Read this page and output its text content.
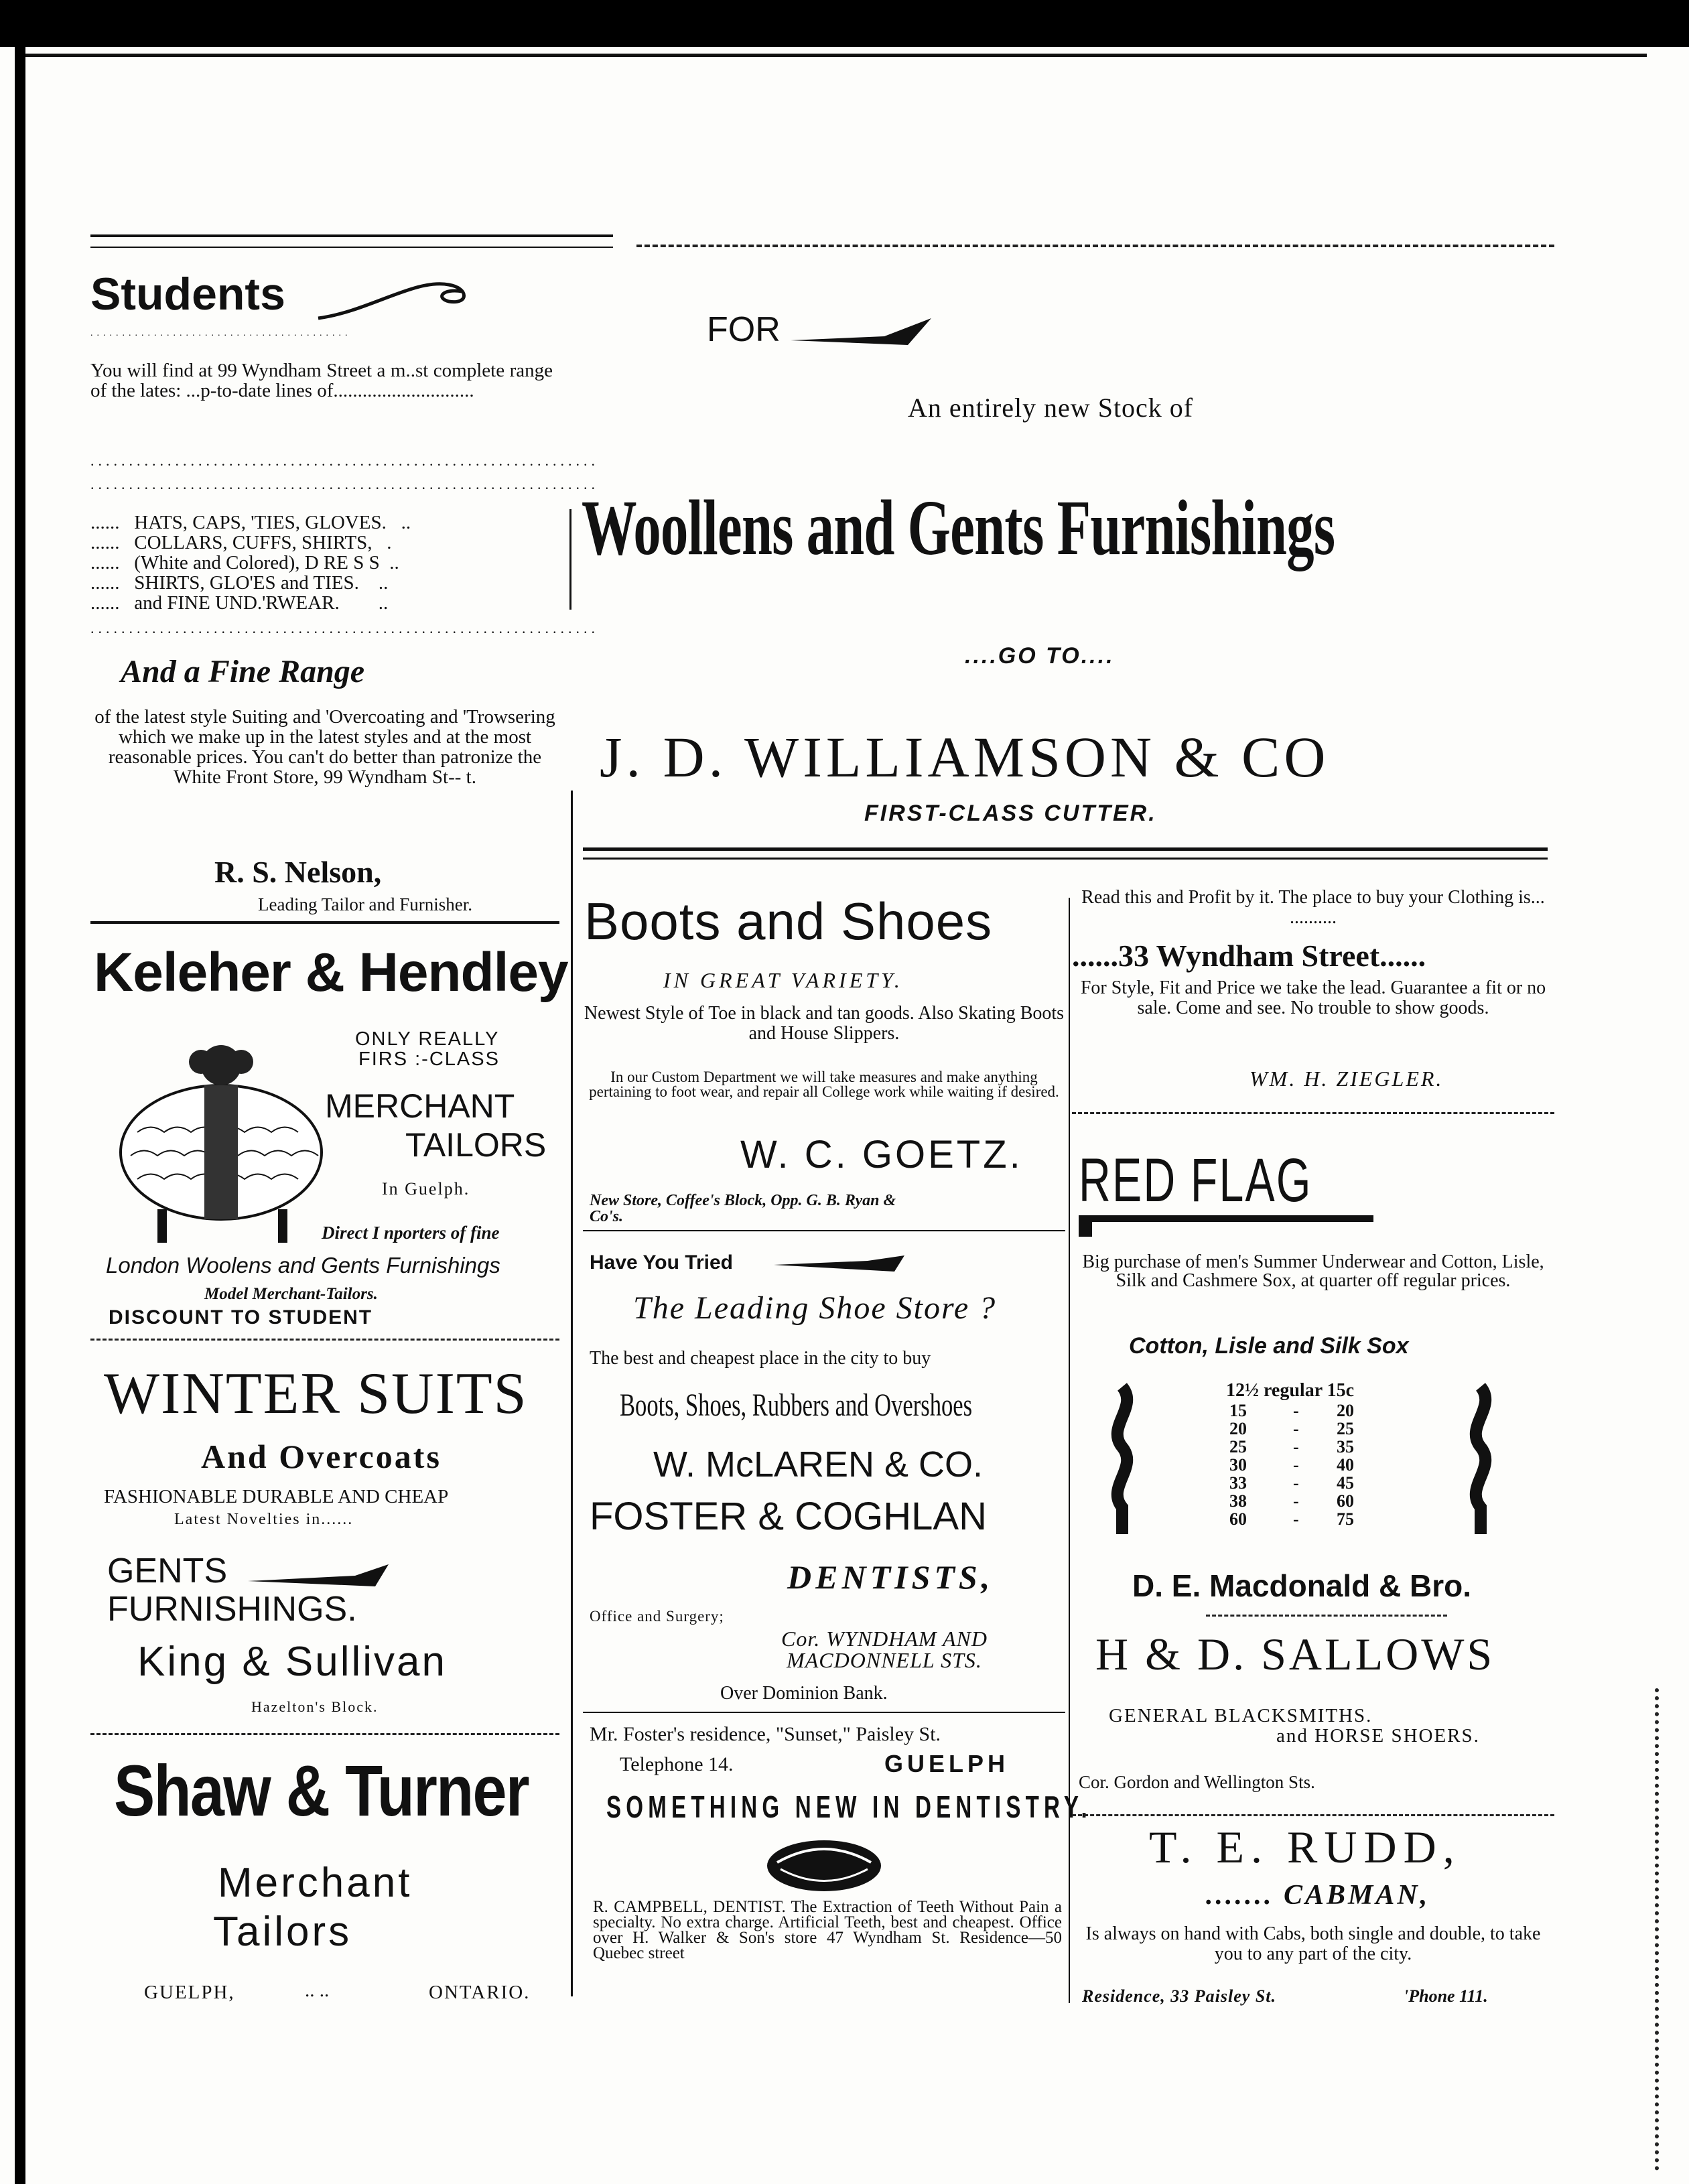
Students
.........................................
You will find at 99 Wyndham Street a m..st complete range of the lates: ...p-to-date lines of.............................
..................................................................
..................................................................
......   HATS, CAPS, 'TIES, GLOVES.   ..
......   COLLARS, CUFFS, SHIRTS,   .
......   (White and Colored), D RE S S  ..
......   SHIRTS, GLO'ES and TIES.    ..
......   and FINE UND.'RWEAR.        ..
..................................................................
And a Fine Range
of the latest style Suiting and 'Overcoating and 'Trowsering which we make up in the latest styles and at the most reasonable prices. You can't do better than patronize the White Front Store, 99 Wyndham St-- t.
R. S. Nelson,
Leading Tailor and Furnisher.
Keleher & Hendley
ONLY REALLY
FIRS :-CLASS
MERCHANT
TAILORS
In Guelph.
Direct I nporters of fine
London Woolens and Gents Furnishings
Model Merchant-Tailors.
DISCOUNT TO STUDENT
WINTER SUITS
And Overcoats
FASHIONABLE DURABLE AND CHEAP
Latest Novelties in......
GENTS
FURNISHINGS.
King & Sullivan
Hazelton's Block.
Shaw & Turner
Merchant
Tailors
GUELPH,	.. ..	ONTARIO.
FOR
An entirely new Stock of
Woollens and Gents Furnishings
....GO TO....
J. D. WILLIAMSON & CO
FIRST-CLASS CUTTER.
Boots and Shoes
IN GREAT VARIETY.
Newest Style of Toe in black and tan goods. Also Skating Boots and House Slippers.
In our Custom Department we will take measures and make anything pertaining to foot wear, and repair all College work while waiting if desired.
W. C. GOETZ.
New Store, Coffee's Block, Opp. G. B. Ryan & Co's.
Have You Tried
The Leading Shoe Store ?
The best and cheapest place in the city to buy
Boots, Shoes, Rubbers and Overshoes
W. McLAREN & CO.
FOSTER & COGHLAN
DENTISTS,
Office and Surgery;
Cor. WYNDHAM AND MACDONNELL STS.
Over Dominion Bank.
Mr. Foster's residence, "Sunset," Paisley St.
Telephone 14.	GUELPH
SOMETHING NEW IN DENTISTRY.
R. CAMPBELL, DENTIST. The Extraction of Teeth Without Pain a specialty. No extra charge. Artificial Teeth, best and cheapest. Office over H. Walker & Son's store 47 Wyndham St. Residence—50 Quebec street
Read this and Profit by it. The place to buy your Clothing is... ..........
......33 Wyndham Street......
For Style, Fit and Price we take the lead. Guarantee a fit or no sale. Come and see. No trouble to show goods.
WM. H. ZIEGLER.
RED FLAG
Big purchase of men's Summer Underwear and Cotton, Lisle, Silk and Cashmere Sox, at quarter off regular prices.
Cotton, Lisle and Silk Sox
12½ regular 15c
15	-	20
20	-	25
25	-	35
30	-	40
33	-	45
38	-	60
60	-	75
D. E. Macdonald & Bro.
H & D. SALLOWS
GENERAL BLACKSMITHS.
and HORSE SHOERS.
Cor. Gordon and Wellington Sts.
T. E. RUDD,
....... CABMAN,
Is always on hand with Cabs, both single and double, to take you to any part of the city.
Residence, 33 Paisley St.	'Phone 111.
